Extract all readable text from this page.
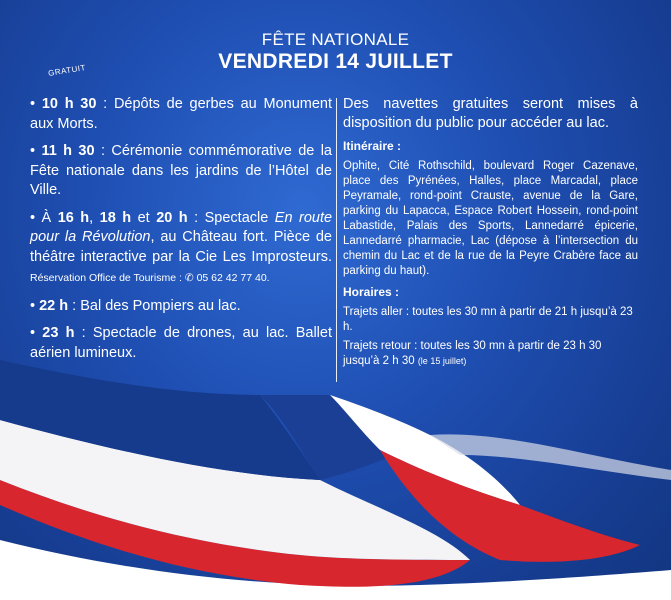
FÊTE NATIONALE
VENDREDI 14 JUILLET
GRATUIT
• 10 h 30 : Dépôts de gerbes au Monument aux Morts.
• 11 h 30 : Cérémonie commémorative de la Fête nationale dans les jardins de l’Hôtel de Ville.
• À 16 h, 18 h et 20 h : Spectacle En route pour la Révolution, au Château fort. Pièce de théâtre interactive par la Cie Les Improsteurs. Réservation Office de Tourisme : ✆ 05 62 42 77 40.
• 22 h : Bal des Pompiers au lac.
• 23 h : Spectacle de drones, au lac. Ballet aérien lumineux.
Des navettes gratuites seront mises à disposition du public pour accéder au lac.
Itinéraire :
Ophite, Cité Rothschild, boulevard Roger Cazenave, place des Pyrénées, Halles, place Marcadal, place Peyramale, rond-point Crauste, avenue de la Gare, parking du Lapacca, Espace Robert Hossein, rond-point Labastide, Palais des Sports, Lannedarré épicerie, Lannedarré pharmacie, Lac (dépose à l’intersection du chemin du Lac et de la rue de la Peyre Crabère face au parking du haut).
Horaires :
Trajets aller : toutes les 30 mn à partir de 21 h jusqu’à 23 h.
Trajets retour : toutes les 30 mn à partir de 23 h 30 jusqu’à 2 h 30 (le 15 juillet)
